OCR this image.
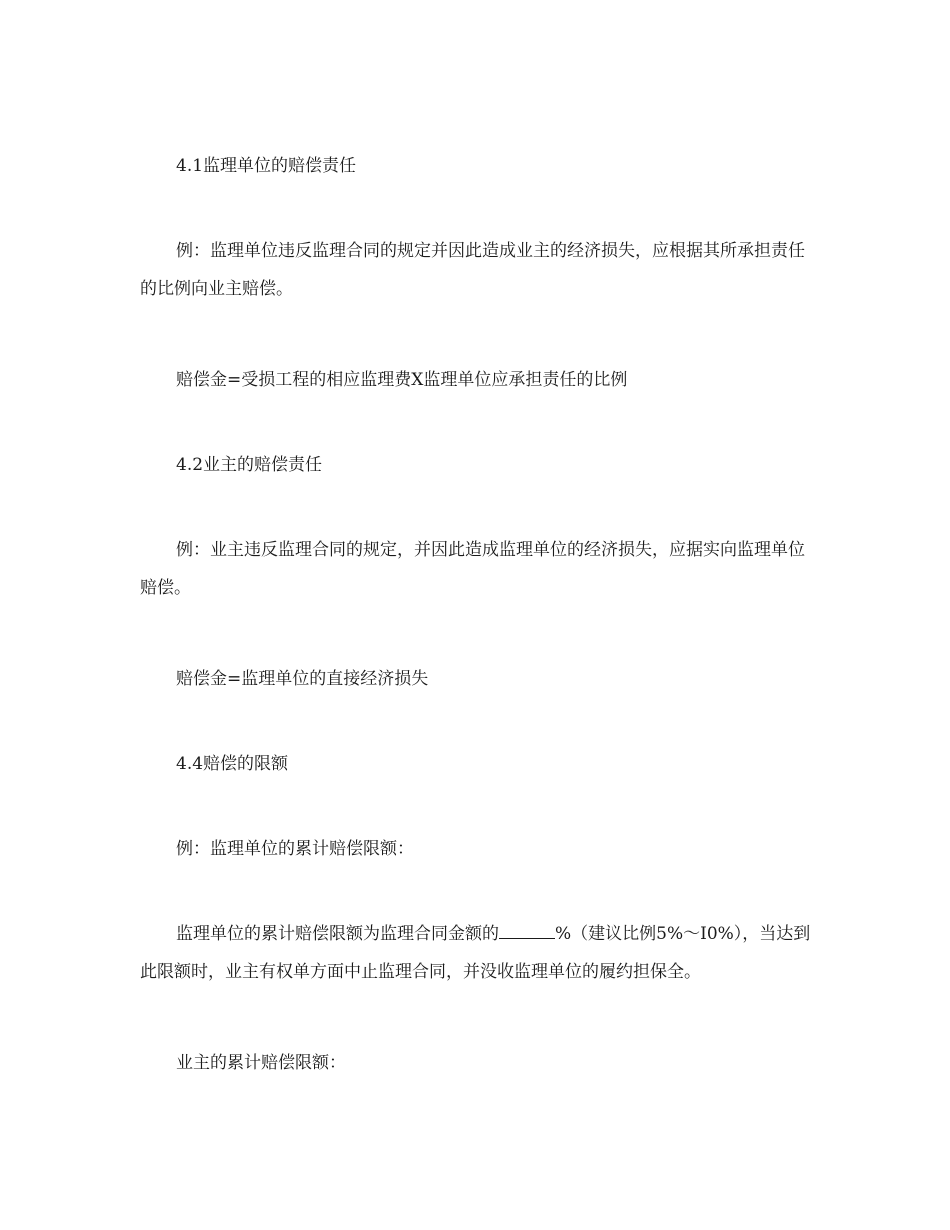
4.1监理单位的赔偿责任

例：监理单位违反监理合同的规定并因此造成业主的经济损失，应根据其所承担责任的比例向业主赔偿。

赔偿金=受损工程的相应监理费X监理单位应承担责任的比例

4.2业主的赔偿责任

例：业主违反监理合同的规定，并因此造成监理单位的经济损失，应据实向监理单位赔偿。

赔偿金=监理单位的直接经济损失

4.4赔偿的限额

例：监理单位的累计赔偿限额：

监理单位的累计赔偿限额为监理合同金额的	%（建议比例5%～I0%），当达到此限额时，业主有权单方面中止监理合同，并没收监理单位的履约担保全。

业主的累计赔偿限额：
